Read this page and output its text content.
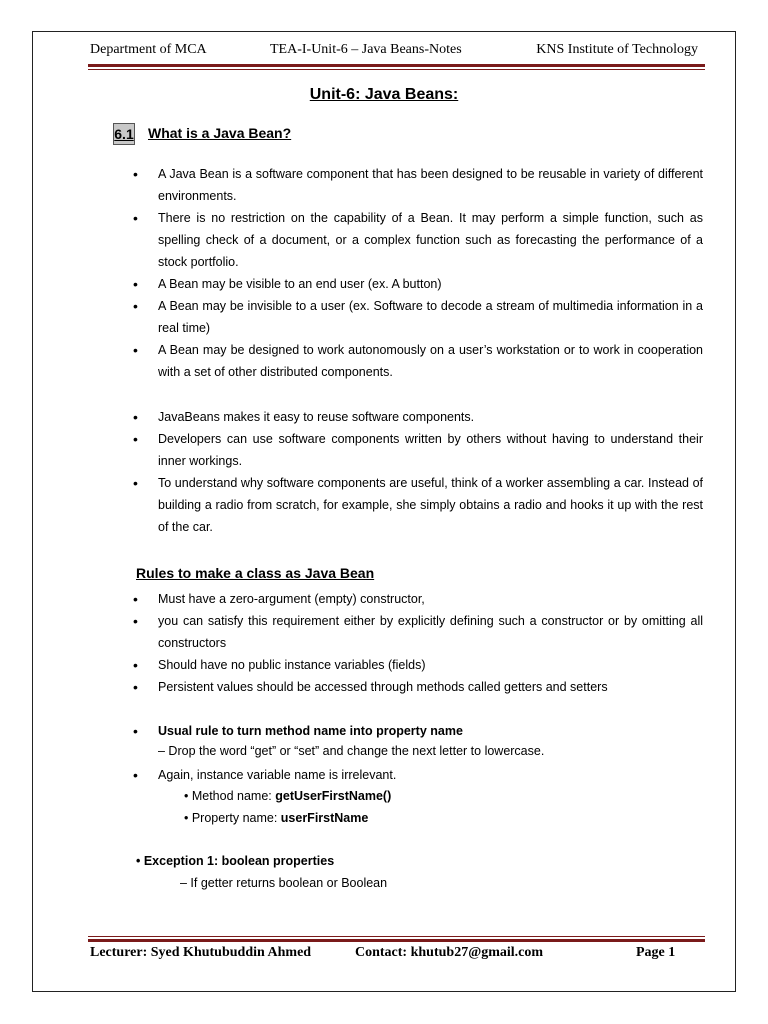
Department of MCA	TEA-I-Unit-6 – Java Beans-Notes	KNS Institute of Technology
Unit-6: Java Beans:
6.1 What is a Java Bean?
• A Java Bean is a software component that has been designed to be reusable in variety of different environments.
• There is no restriction on the capability of a Bean. It may perform a simple function, such as spelling check of a document, or a complex function such as forecasting the performance of a stock portfolio.
• A Bean may be visible to an end user (ex. A button)
• A Bean may be invisible to a user (ex. Software to decode a stream of multimedia information in a real time)
• A Bean may be designed to work autonomously on a user’s workstation or to work in cooperation with a set of other distributed components.
• JavaBeans makes it easy to reuse software components.
• Developers can use software components written by others without having to understand their inner workings.
• To understand why software components are useful, think of a worker assembling a car. Instead of building a radio from scratch, for example, she simply obtains a radio and hooks it up with the rest of the car.
Rules to make a class as Java Bean
• Must have a zero-argument (empty) constructor,
• you can satisfy this requirement either by explicitly defining such a constructor or by omitting all constructors
• Should have no public instance variables (fields)
• Persistent values should be accessed through methods called getters and setters
• Usual rule to turn method name into property name
– Drop the word “get” or “set” and change the next letter to lowercase.
• Again, instance variable name is irrelevant.
• Method name: getUserFirstName()
• Property name: userFirstName
• Exception 1: boolean properties
– If getter returns boolean or Boolean
Lecturer: Syed Khutubuddin Ahmed	Contact: khutub27@gmail.com	Page 1
